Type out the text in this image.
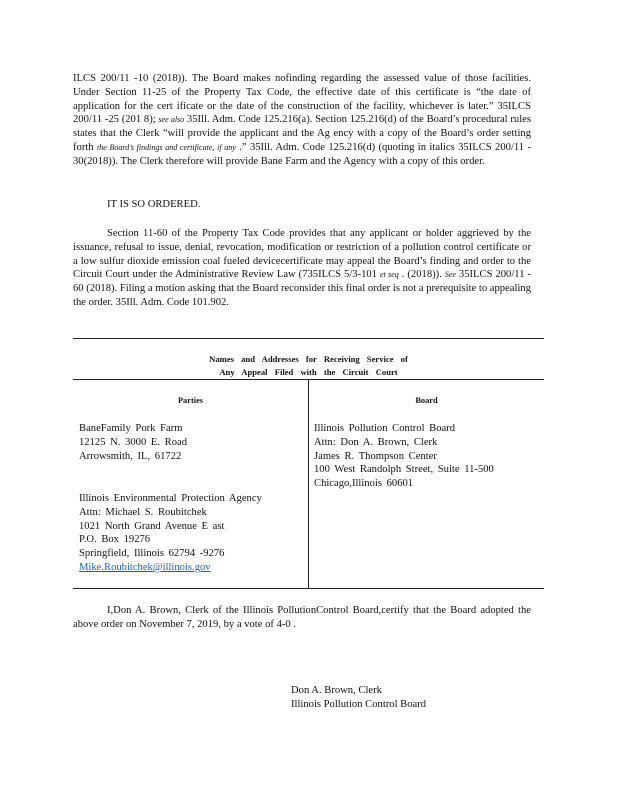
ILCS 200/11 -10 (2018)). The Board makes nofinding regarding the assessed value of those facilities. Under Section 11-25 of the Property Tax Code, the effective date of this certificate is “the date of application for the cert ificate or the date of the construction of the facility, whichever is later.” 35ILCS 200/11 -25 (201 8); see also 35Ill. Adm. Code 125.216(a). Section 125.216(d) of the Board’s procedural rules states that the Clerk “will provide the applicant and the Ag ency with a copy of the Board’s order setting forth the Board’s findings and certificate, if any .” 35Ill. Adm. Code 125.216(d) (quoting in italics 35ILCS 200/11 - 30(2018)). The Clerk therefore will provide Bane Farm and the Agency with a copy of this order.

IT IS SO ORDERED.

Section 11-60 of the Property Tax Code provides that any applicant or holder aggrieved by the issuance, refusal to issue, denial, revocation, modification or restriction of a pollution control certificate or a low sulfur dioxide emission coal fueled devicecertificate may appeal the Board’s finding and order to the Circuit Court under the Administrative Review Law (735ILCS 5/3-101 et seq . (2018)). See 35ILCS 200/11 - 60 (2018). Filing a motion asking that the Board reconsider this final order is not a prerequisite to appealing the order. 35Ill. Adm. Code 101.902.

Names and Addresses for Receiving Service of
Any Appeal Filed with the Circuit Court
Parties	Board
BaneFamily Pork Farm
12125 N. 3000 E. Road
Arrowsmith, IL, 61722
Illinois Environmental Protection Agency
Attn: Michael S. Roubitchek
1021 North Grand Avenue E ast
P.O. Box 19276
Springfield, Illinois 62794 -9276
Mike.Roubitchek@illinois.gov
Illinois Pollution Control Board
Attn: Don A. Brown, Clerk
James R. Thompson Center
100 West Randolph Street, Suite 11-500
Chicago,Illinois 60601
I,Don A. Brown, Clerk of the Illinois PollutionControl Board,certify that the Board adopted the above order on November 7, 2019, by a vote of 4-0 .
Don A. Brown, Clerk
Illinois Pollution Control Board
